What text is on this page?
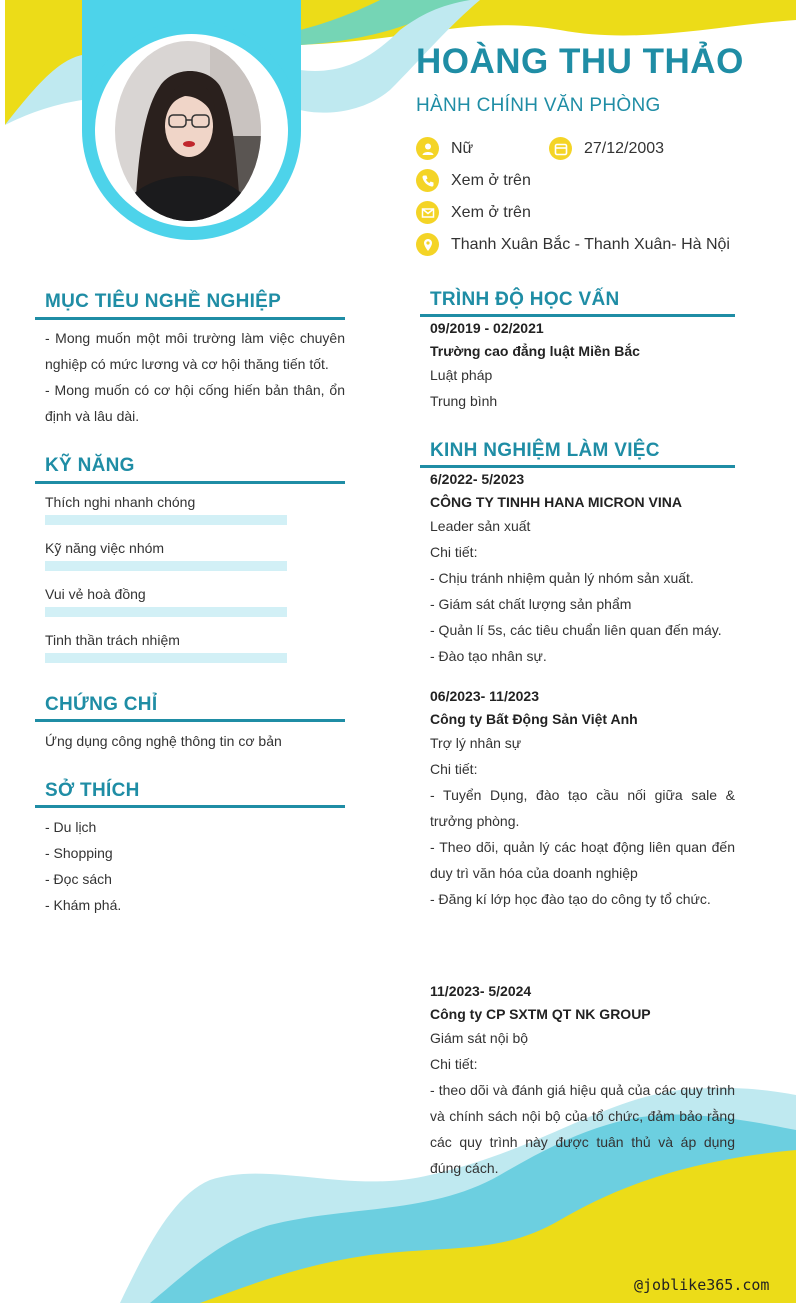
HOÀNG THU THẢO
HÀNH CHÍNH VĂN PHÒNG
Nữ	27/12/2003
Xem ở trên
Xem ở trên
Thanh Xuân Bắc - Thanh Xuân- Hà Nội
MỤC TIÊU NGHỀ NGHIỆP
- Mong muốn một môi trường làm việc chuyên nghiệp có mức lương và cơ hội thăng tiến tốt.
- Mong muốn có cơ hội cống hiến bản thân, ổn định và lâu dài.
KỸ NĂNG
Thích nghi nhanh chóng
Kỹ năng việc nhóm
Vui vẻ hoà đồng
Tinh thần trách nhiệm
CHỨNG CHỈ
Ứng dụng công nghệ thông tin cơ bản
SỞ THÍCH
- Du lịch
- Shopping
- Đọc sách
- Khám phá.
TRÌNH ĐỘ HỌC VẤN
09/2019 - 02/2021
Trường cao đẳng luật Miền Bắc
Luật pháp
Trung bình
KINH NGHIỆM LÀM VIỆC
6/2022- 5/2023
CÔNG TY TINHH HANA MICRON VINA
Leader sản xuất
Chi tiết:
- Chịu tránh nhiệm quản lý nhóm sản xuất.
- Giám sát chất lượng sản phẩm
- Quản lí 5s, các tiêu chuẩn liên quan đến máy.
- Đào tạo nhân sự.
06/2023- 11/2023
Công ty Bất Động Sản Việt Anh
Trợ lý nhân sự
Chi tiết:
- Tuyển Dụng, đào tạo cầu nối giữa sale & trưởng phòng.
- Theo dõi, quản lý các hoạt động liên quan đến duy trì văn hóa của doanh nghiệp
- Đăng kí lớp học đào tạo do công ty tổ chức.
11/2023- 5/2024
Công ty CP SXTM QT NK GROUP
Giám sát nội bộ
Chi tiết:
- theo dõi và đánh giá hiệu quả của các quy trình và chính sách nội bộ của tổ chức, đảm bảo rằng các quy trình này được tuân thủ và áp dụng đúng cách.
@joblike365.com
